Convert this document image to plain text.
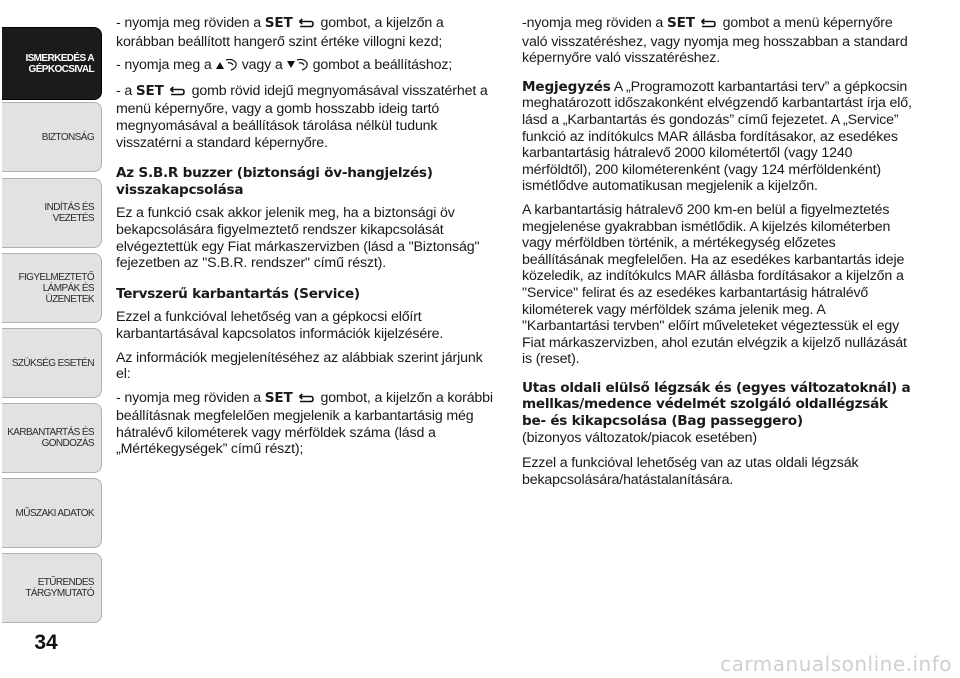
ISMERKEDÉS A
GÉPKOCSIVAL
BIZTONSÁG
INDÍTÁS ÉS VEZETÉS
FIGYELMEZTETŐ
LÁMPÁK ÉS
ÜZENETEK
SZÜKSÉG ESETÉN
KARBANTARTÁS ÉS
GONDOZÁS
MŰSZAKI ADATOK
ETŰRENDES
TÁRGYMUTATÓ
34

- nyomja meg röviden a SET gombot, a kijelzőn a korábban beállított hangerő szint értéke villogni kezd;

- nyomja meg a vagy a gombot a beállításhoz;

- a SET gomb rövid idejű megnyomásával visszatérhet a menü képernyőre, vagy a gomb hosszabb ideig tartó megnyomásával a beállítások tárolása nélkül tudunk visszatérni a standard képernyőre.

Az S.B.R buzzer (biztonsági öv-hangjelzés) visszakapcsolása

Ez a funkció csak akkor jelenik meg, ha a biztonsági öv bekapcsolására figyelmeztető rendszer kikapcsolását elvégeztettük egy Fiat márkaszervizben (lásd a "Biztonság" fejezetben az "S.B.R. rendszer" című részt).

Tervszerű karbantartás (Service)

Ezzel a funkcióval lehetőség van a gépkocsi előírt karbantartásával kapcsolatos információk kijelzésére.

Az információk megjelenítéséhez az alábbiak szerint járjunk el:

- nyomja meg röviden a SET gombot, a kijelzőn a korábbi beállításnak megfelelően megjelenik a karbantartásig még hátralévő kilométerek vagy mérföldek száma (lásd a „Mértékegységek” című részt);

-nyomja meg röviden a SET gombot a menü képernyőre való visszatéréshez, vagy nyomja meg hosszabban a standard képernyőre való visszatéréshez.

Megjegyzés A „Programozott karbantartási terv” a gépkocsin meghatározott időszakonként elvégzendő karbantartást írja elő, lásd a „Karbantartás és gondozás” című fejezetet. A „Service” funkció az indítókulcs MAR állásba fordításakor, az esedékes karbantartásig hátralevő 2000 kilométertől (vagy 1240 mérföldtől), 200 kilométerenként (vagy 124 mérföldenként) ismétlődve automatikusan megjelenik a kijelzőn.

A karbantartásig hátralevő 200 km-en belül a figyelmeztetés megjelenése gyakrabban ismétlődik. A kijelzés kilométerben vagy mérföldben történik, a mértékegység előzetes beállításának megfelelően. Ha az esedékes karbantartás ideje közeledik, az indítókulcs MAR állásba fordításakor a kijelzőn a "Service" felirat és az esedékes karbantartásig hátralévő kilométerek vagy mérföldek száma jelenik meg. A "Karbantartási tervben" előírt műveleteket végeztessük el egy Fiat márkaszervizben, ahol ezután elvégzik a kijelző nullázását is (reset).

Utas oldali elülső légzsák és (egyes változatoknál) a mellkas/medence védelmét szolgáló oldallégzsák be- és kikapcsolása (Bag passeggero)

(bizonyos változatok/piacok esetében)

Ezzel a funkcióval lehetőség van az utas oldali légzsák bekapcsolására/hatástalanítására.

carmanualsonline.info
